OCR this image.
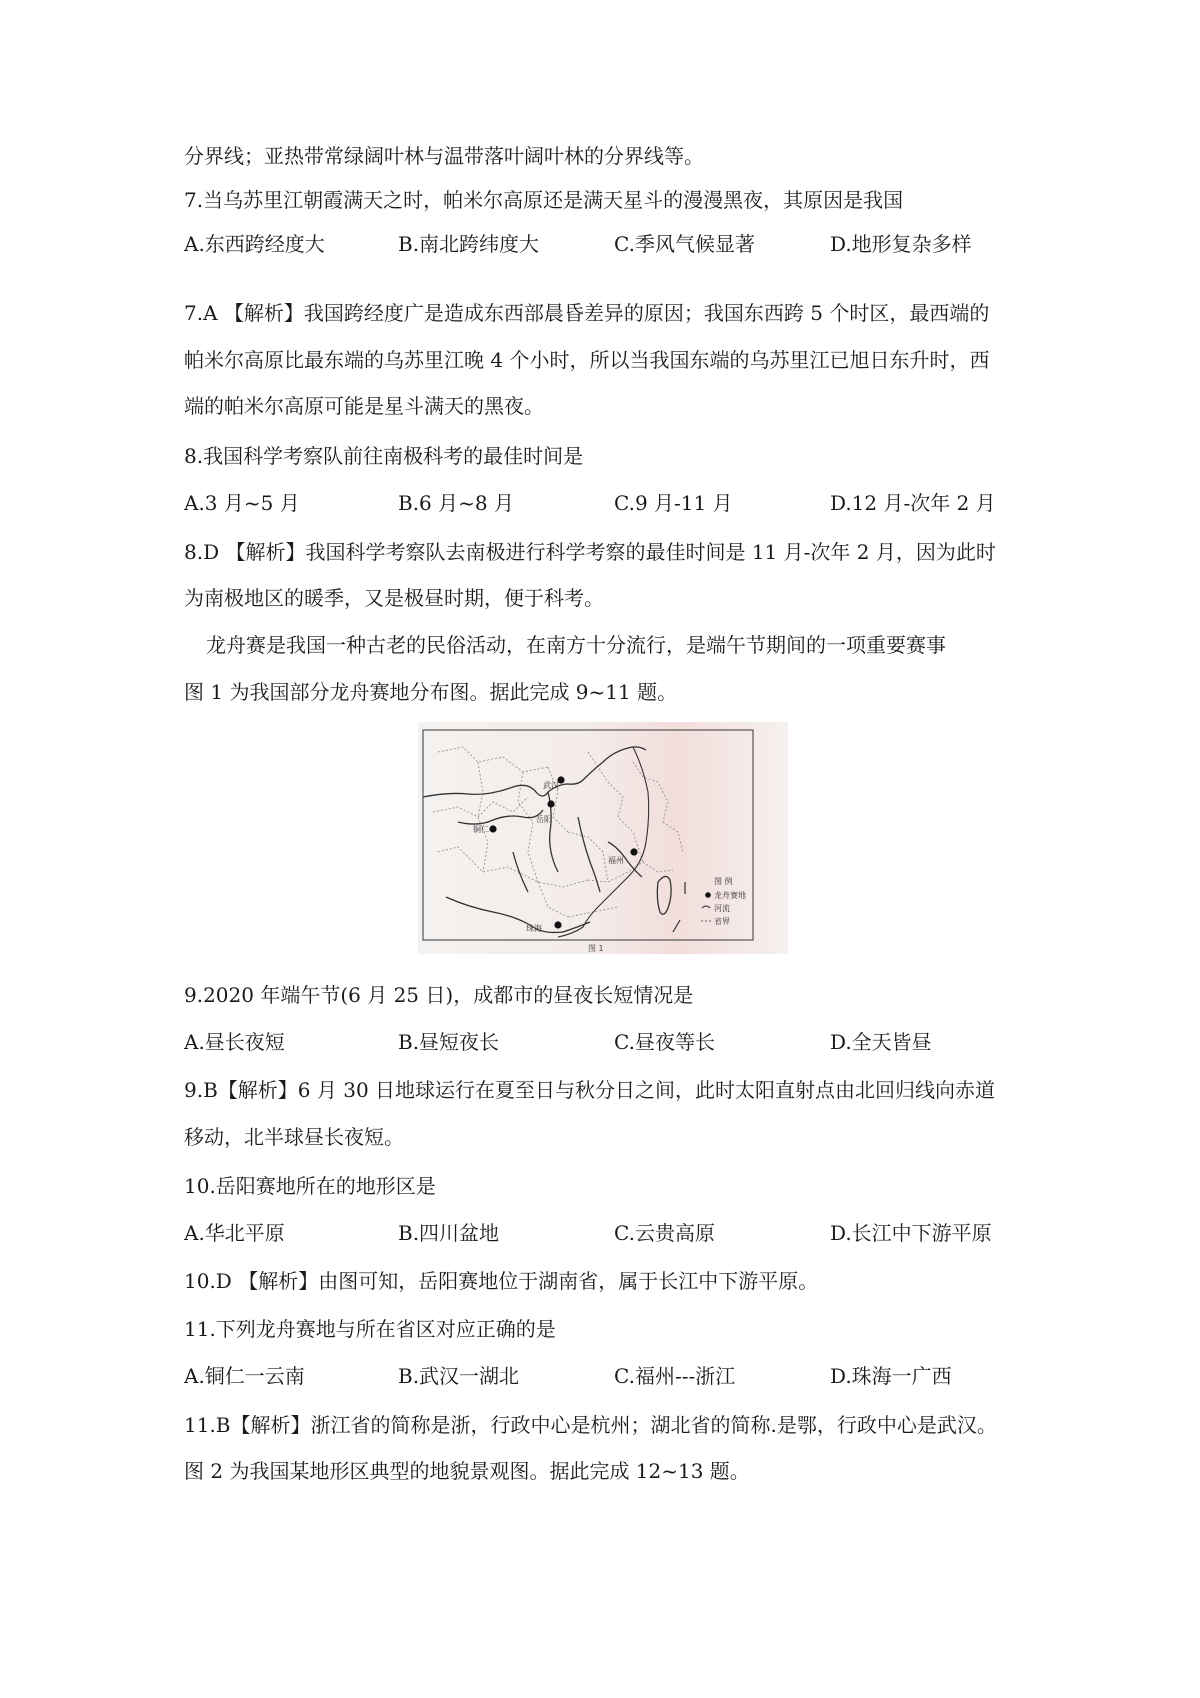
分界线；亚热带常绿阔叶林与温带落叶阔叶林的分界线等。
7.当乌苏里江朝霞满天之时，帕米尔高原还是满天星斗的漫漫黑夜，其原因是我国
A.东西跨经度大	B.南北跨纬度大	C.季风气候显著	D.地形复杂多样
7.A 【解析】我国跨经度广是造成东西部晨昏差异的原因；我国东西跨 5 个时区，最西端的
帕米尔高原比最东端的乌苏里江晚 4 个小时，所以当我国东端的乌苏里江已旭日东升时，西
端的帕米尔高原可能是星斗满天的黑夜。
8.我国科学考察队前往南极科考的最佳时间是
A.3 月~5 月	B.6 月~8 月	C.9 月-11 月	D.12 月-次年 2 月
8.D 【解析】我国科学考察队去南极进行科学考察的最佳时间是 11 月-次年 2 月，因为此时
为南极地区的暖季，又是极昼时期，便于科考。
龙舟赛是我国一种古老的民俗活动，在南方十分流行，是端午节期间的一项重要赛事
图 1 为我国部分龙舟赛地分布图。据此完成 9~11 题。
武汉
岳阳
铜仁
福州
珠海
图 例
龙舟赛地
河流
省界
图 1
9.2020 年端午节(6 月 25 日)，成都市的昼夜长短情况是
A.昼长夜短	B.昼短夜长	C.昼夜等长	D.全天皆昼
9.B【解析】6 月 30 日地球运行在夏至日与秋分日之间，此时太阳直射点由北回归线向赤道
移动，北半球昼长夜短。
10.岳阳赛地所在的地形区是
A.华北平原	B.四川盆地	C.云贵高原	D.长江中下游平原
10.D 【解析】由图可知，岳阳赛地位于湖南省，属于长江中下游平原。
11.下列龙舟赛地与所在省区对应正确的是
A.铜仁一云南	B.武汉一湖北	C.福州---浙江	D.珠海一广西
11.B【解析】浙江省的简称是浙，行政中心是杭州；湖北省的简称.是鄂，行政中心是武汉。
图 2 为我国某地形区典型的地貌景观图。据此完成 12~13 题。
